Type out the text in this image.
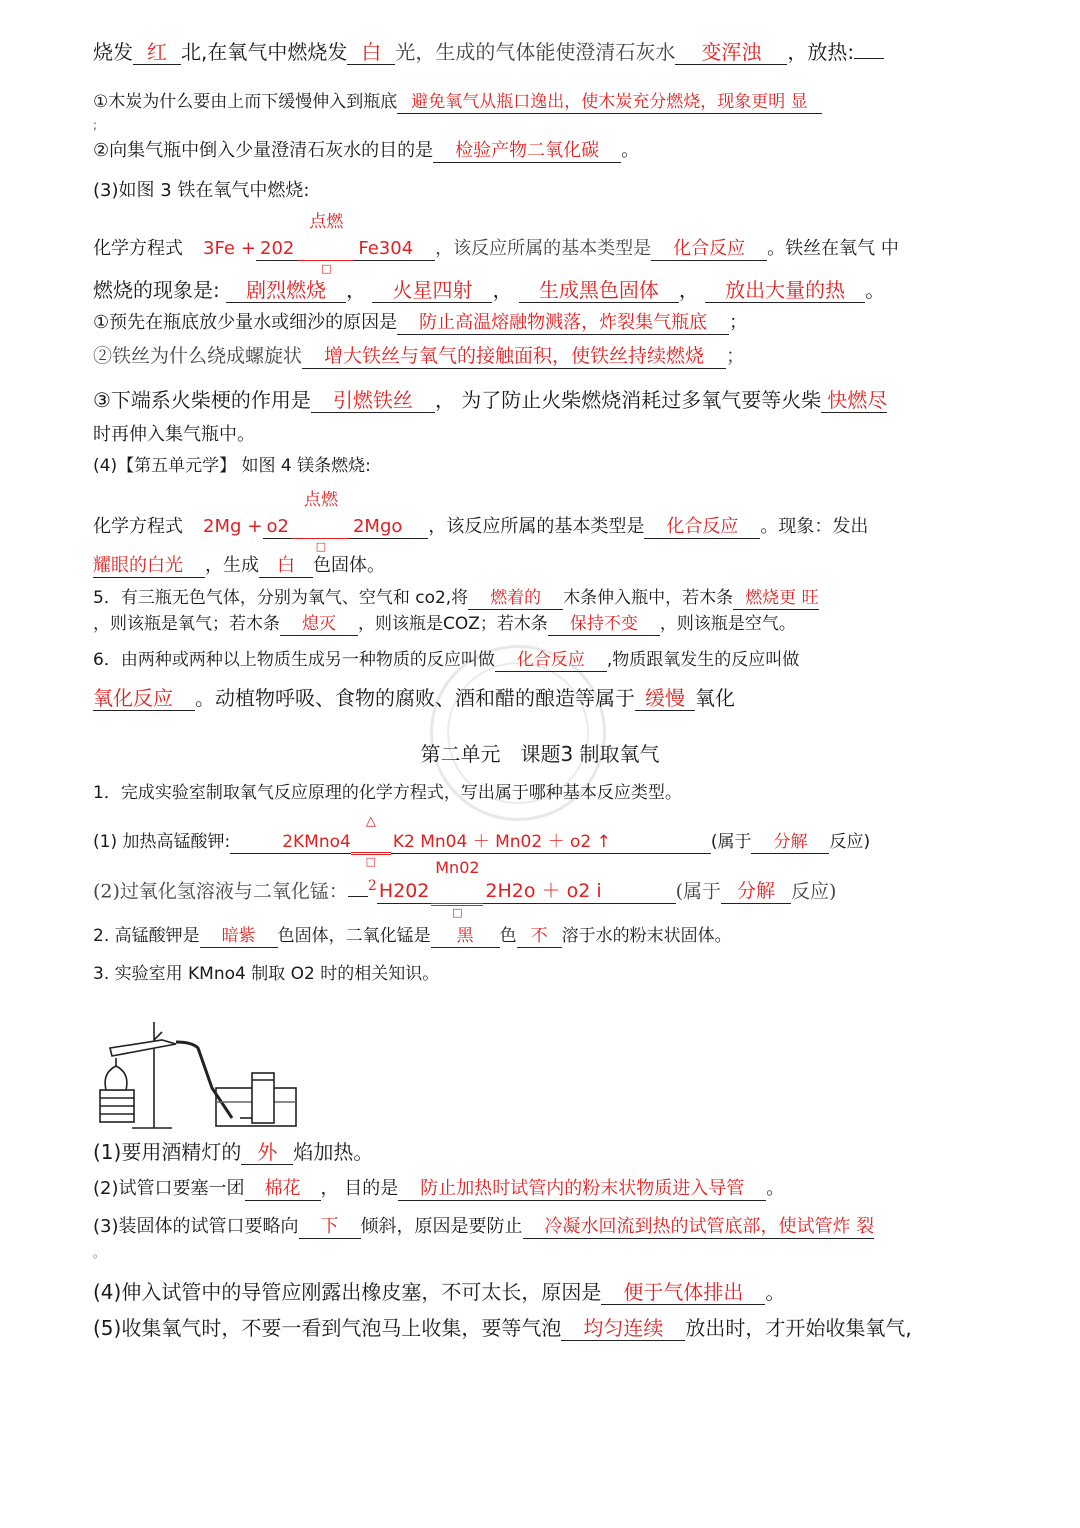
烧发 红 北,在氧气中燃烧发 白 光，生成的气体能使澄清石灰水 变浑浊 ，放热:
①木炭为什么要由上而下缓慢伸入到瓶底 避免氧气从瓶口逸出，使木炭充分燃烧，现象更明 显
;
②向集气瓶中倒入少量澄清石灰水的目的是 检验产物二氧化碳 。
(3)如图 3 铁在氧气中燃烧:
化学方程式 3Fe + 202
点燃
□
Fe304 ，该反应所属的基本类型是 化合反应 。铁丝在氧气 中
燃烧的现象是: 剧烈燃烧 ， 火星四射 ， 生成黑色固体 ， 放出大量的热 。
①预先在瓶底放少量水或细沙的原因是 防止高温熔融物溅落，炸裂集气瓶底 ；
②铁丝为什么绕成螺旋状 增大铁丝与氧气的接触面积，使铁丝持续燃烧 ；
③下端系火柴梗的作用是 引燃铁丝 ， 为了防止火柴燃烧消耗过多氧气要等火柴 快燃尽
时再伸入集气瓶中。
(4)【第五单元学】 如图 4 镁条燃烧:
化学方程式 2Mg + o2
点燃
□
2Mgo ，该反应所属的基本类型是 化合反应 。现象：发出
耀眼的白光 ，生成 白 色固体。
5．有三瓶无色气体，分别为氧气、空气和 co2,将 燃着的 木条伸入瓶中，若木条 燃烧更 旺
，则该瓶是氧气；若木条 熄灭 ，则该瓶是COZ；若木条 保持不变 ，则该瓶是空气。
6．由两种或两种以上物质生成另一种物质的反应叫做 化合反应 ,物质跟氧发生的反应叫做
氧化反应 。动植物呼吸、食物的腐败、酒和醋的酿造等属于 缓慢 氧化
第二单元　课题3 制取氧气
1．完成实验室制取氧气反应原理的化学方程式，写出属于哪种基本反应类型。
(1) 加热高锰酸钾:	2KMno4
△
□
K2 Mn04 ＋ Mn02 ＋ o2 ↑	(属于 分解 反应)
(2)过氧化氢溶液与二氧化锰： $^2$ H202
Mn02
□
2H2o ＋ o2 i	(属于 分解 反应)
2. 高锰酸钾是 暗紫 色固体，二氧化锰是 黑 色 不 溶于水的粉末状固体。
3. 实验室用 KMno4 制取 O2 时的相关知识。
(1)要用酒精灯的 外 焰加热。
(2)试管口要塞一团 棉花 ， 目的是 防止加热时试管内的粉末状物质进入导管 。
(3)装固体的试管口要略向 下 倾斜，原因是要防止 冷凝水回流到热的试管底部，使试管炸 裂
。
(4)伸入试管中的导管应刚露出橡皮塞，不可太长，原因是 便于气体排出 。
(5)收集氧气时，不要一看到气泡马上收集，要等气泡 均匀连续 放出时，才开始收集氧气,
